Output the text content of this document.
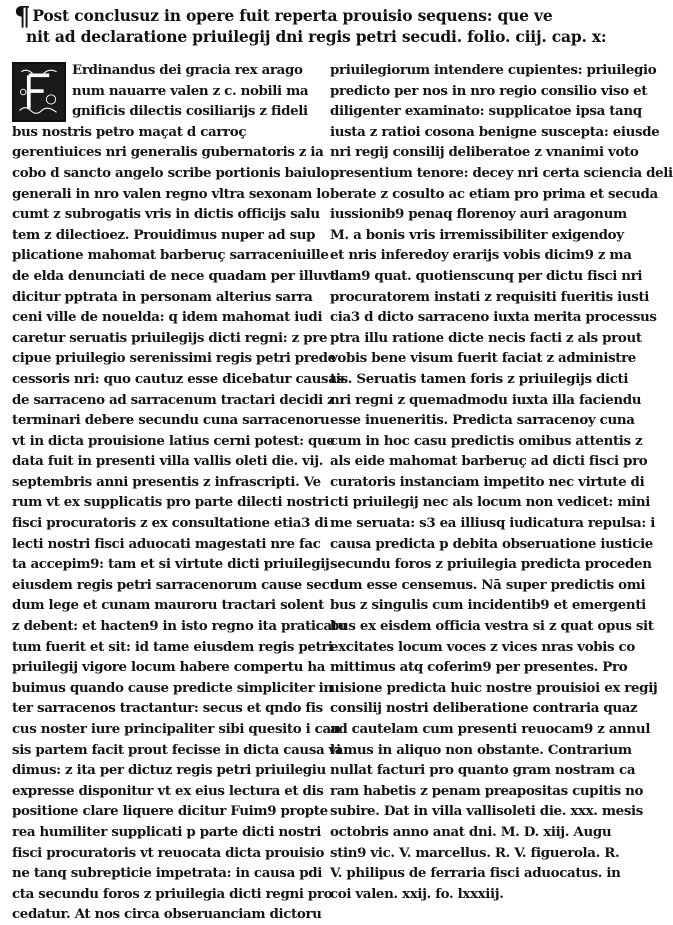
¶ Post conclusuz in opere fuit reperta prouisio sequens: que ve
nit ad declaratione priuilegij dni regis petri secudi. folio. ciij. cap. x:
Erdinandus dei gracia rex arago
num nauarre valen z c. nobili ma
gnificis dilectis cosiliarijs z fideli
bus nostris petro maçat d carroç
gerentiuices nri generalis gubernatoris z ia
cobo d sancto angelo scribe portionis baiulo
generali in nro valen regno vltra sexonam lo
cumt z subrogatis vris in dictis officijs salu
tem z dilectioez. Prouidimus nuper ad sup
plicatione mahomat barberuç sarraceniuille
de elda denunciati de nece quadam per illuvt
dicitur pptrata in personam alterius sarra
ceni ville de nouelda: q idem mahomat iudi
caretur seruatis priuilegijs dicti regni: z pre
cipue priuilegio serenissimi regis petri prede
cessoris nri: quo cautuz esse dicebatur causas
de sarraceno ad sarracenum tractari decidi z
terminari debere secundu cuna sarracenoru
vt in dicta prouisione latius cerni potest: que
data fuit in presenti villa vallis oleti die. vij.
septembris anni presentis z infrascripti. Ve
rum vt ex supplicatis pro parte dilecti nostri
fisci procuratoris z ex consultatione etia3 di
lecti nostri fisci aduocati magestati nre fac
ta accepim9: tam et si virtute dicti priuilegij
eiusdem regis petri sarracenorum cause secu
dum lege et cunam mauroru tractari solent
z debent: et hacten9 in isto regno ita praticatu
tum fuerit et sit: id tame eiusdem regis petri
priuilegij vigore locum habere compertu ha
buimus quando cause predicte simpliciter in
ter sarracenos tractantur: secus et qndo fis
cus noster iure principaliter sibi quesito i cau
sis partem facit prout fecisse in dicta causa vi
dimus: z ita per dictuz regis petri priuilegiu
expresse disponitur vt ex eius lectura et dis
positione clare liquere dicitur Fuim9 propte
rea humiliter supplicati p parte dicti nostri
fisci procuratoris vt reuocata dicta prouisio
ne tanq subrepticie impetrata: in causa pdi
cta secundu foros z priuilegia dicti regni pro
cedatur. At nos circa obseruanciam dictoru
priuilegiorum intendere cupientes: priuilegio
predicto per nos in nro regio consilio viso et
diligenter examinato: supplicatoe ipsa tanq
iusta z ratioi cosona benigne suscepta: eiusde
nri regij consilij deliberatoe z vnanimi voto
presentium tenore: decey nri certa sciencia deli
berate z cosulto ac etiam pro prima et secuda
iussionib9 penaq florenoy auri aragonum
M. a bonis vris irremissibiliter exigendoy
et nris inferedoy erarijs vobis dicim9 z ma
dam9 quat. quotienscunq per dictu fisci nri
procuratorem instati z requisiti fueritis iusti
cia3 d dicto sarraceno iuxta merita processus
ptra illu ratione dicte necis facti z als prout
vobis bene visum fuerit faciat z administre
tis. Seruatis tamen foris z priuilegijs dicti
nri regni z quemadmodu iuxta illa faciendu
esse inueneritis. Predicta sarracenoy cuna
cum in hoc casu predictis omibus attentis z
als eide mahomat barberuç ad dicti fisci pro
curatoris instanciam impetito nec virtute di
cti priuilegij nec als locum non vedicet: mini
me seruata: s3 ea illiusq iudicatura repulsa: i
causa predicta p debita obseruatione iusticie
secundu foros z priuilegia predicta proceden
dum esse censemus. Nā super predictis omi
bus z singulis cum incidentib9 et emergenti
bus ex eisdem officia vestra si z quat opus sit
excitates locum voces z vices nras vobis co
mittimus atq coferim9 per presentes. Pro
uisione predicta huic nostre prouisioi ex regij
consilij nostri deliberatione contraria quaz
ad cautelam cum presenti reuocam9 z annul
lamus in aliquo non obstante. Contrarium
nullat facturi pro quanto gram nostram ca
ram habetis z penam preapositas cupitis no
subire. Dat in villa vallisoleti die. xxx. mesis
octobris anno anat dni. M. D. xiij. Augu
stin9 vic. V. marcellus. R. V. figuerola. R.
V. philipus de ferraria fisci aduocatus. in
coi valen. xxij. fo. lxxxiij.
